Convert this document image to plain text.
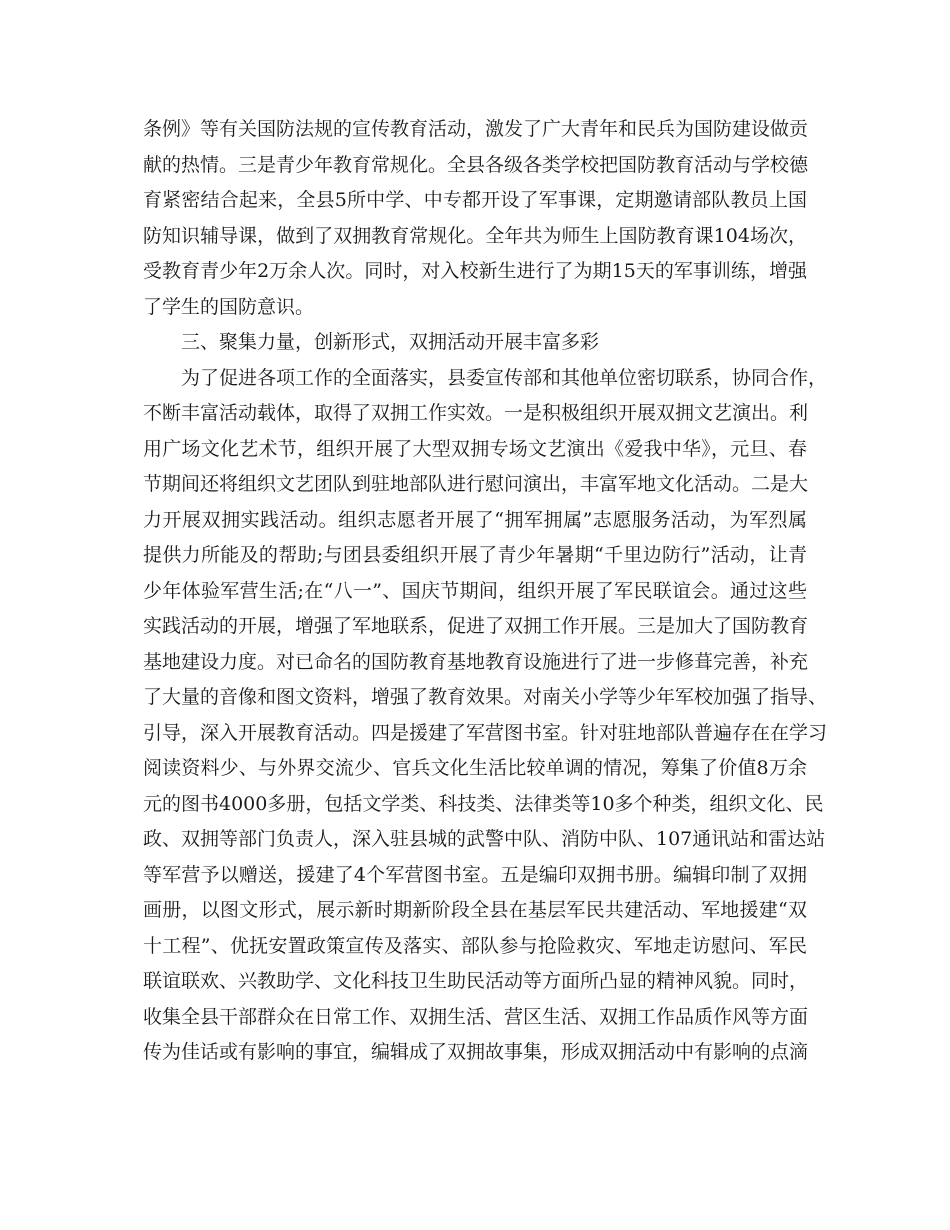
条例》等有关国防法规的宣传教育活动，激发了广大青年和民兵为国防建设做贡
献的热情。三是青少年教育常规化。全县各级各类学校把国防教育活动与学校德
育紧密结合起来，全县5所中学、中专都开设了军事课，定期邀请部队教员上国
防知识辅导课，做到了双拥教育常规化。全年共为师生上国防教育课104场次，
受教育青少年2万余人次。同时，对入校新生进行了为期15天的军事训练，增强
了学生的国防意识。
三、聚集力量，创新形式，双拥活动开展丰富多彩
为了促进各项工作的全面落实，县委宣传部和其他单位密切联系，协同合作，
不断丰富活动载体，取得了双拥工作实效。一是积极组织开展双拥文艺演出。利
用广场文化艺术节，组织开展了大型双拥专场文艺演出《爱我中华》，元旦、春
节期间还将组织文艺团队到驻地部队进行慰问演出，丰富军地文化活动。二是大
力开展双拥实践活动。组织志愿者开展了“拥军拥属”志愿服务活动，为军烈属
提供力所能及的帮助;与团县委组织开展了青少年暑期“千里边防行”活动，让青
少年体验军营生活;在“八一”、国庆节期间，组织开展了军民联谊会。通过这些
实践活动的开展，增强了军地联系，促进了双拥工作开展。三是加大了国防教育
基地建设力度。对已命名的国防教育基地教育设施进行了进一步修葺完善，补充
了大量的音像和图文资料，增强了教育效果。对南关小学等少年军校加强了指导、
引导，深入开展教育活动。四是援建了军营图书室。针对驻地部队普遍存在在学习
阅读资料少、与外界交流少、官兵文化生活比较单调的情况，筹集了价值8万余
元的图书4000多册，包括文学类、科技类、法律类等10多个种类，组织文化、民
政、双拥等部门负责人，深入驻县城的武警中队、消防中队、107通讯站和雷达站
等军营予以赠送，援建了4个军营图书室。五是编印双拥书册。编辑印制了双拥
画册，以图文形式，展示新时期新阶段全县在基层军民共建活动、军地援建“双
十工程”、优抚安置政策宣传及落实、部队参与抢险救灾、军地走访慰问、军民
联谊联欢、兴教助学、文化科技卫生助民活动等方面所凸显的精神风貌。同时，
收集全县干部群众在日常工作、双拥生活、营区生活、双拥工作品质作风等方面
传为佳话或有影响的事宜，编辑成了双拥故事集，形成双拥活动中有影响的点滴
